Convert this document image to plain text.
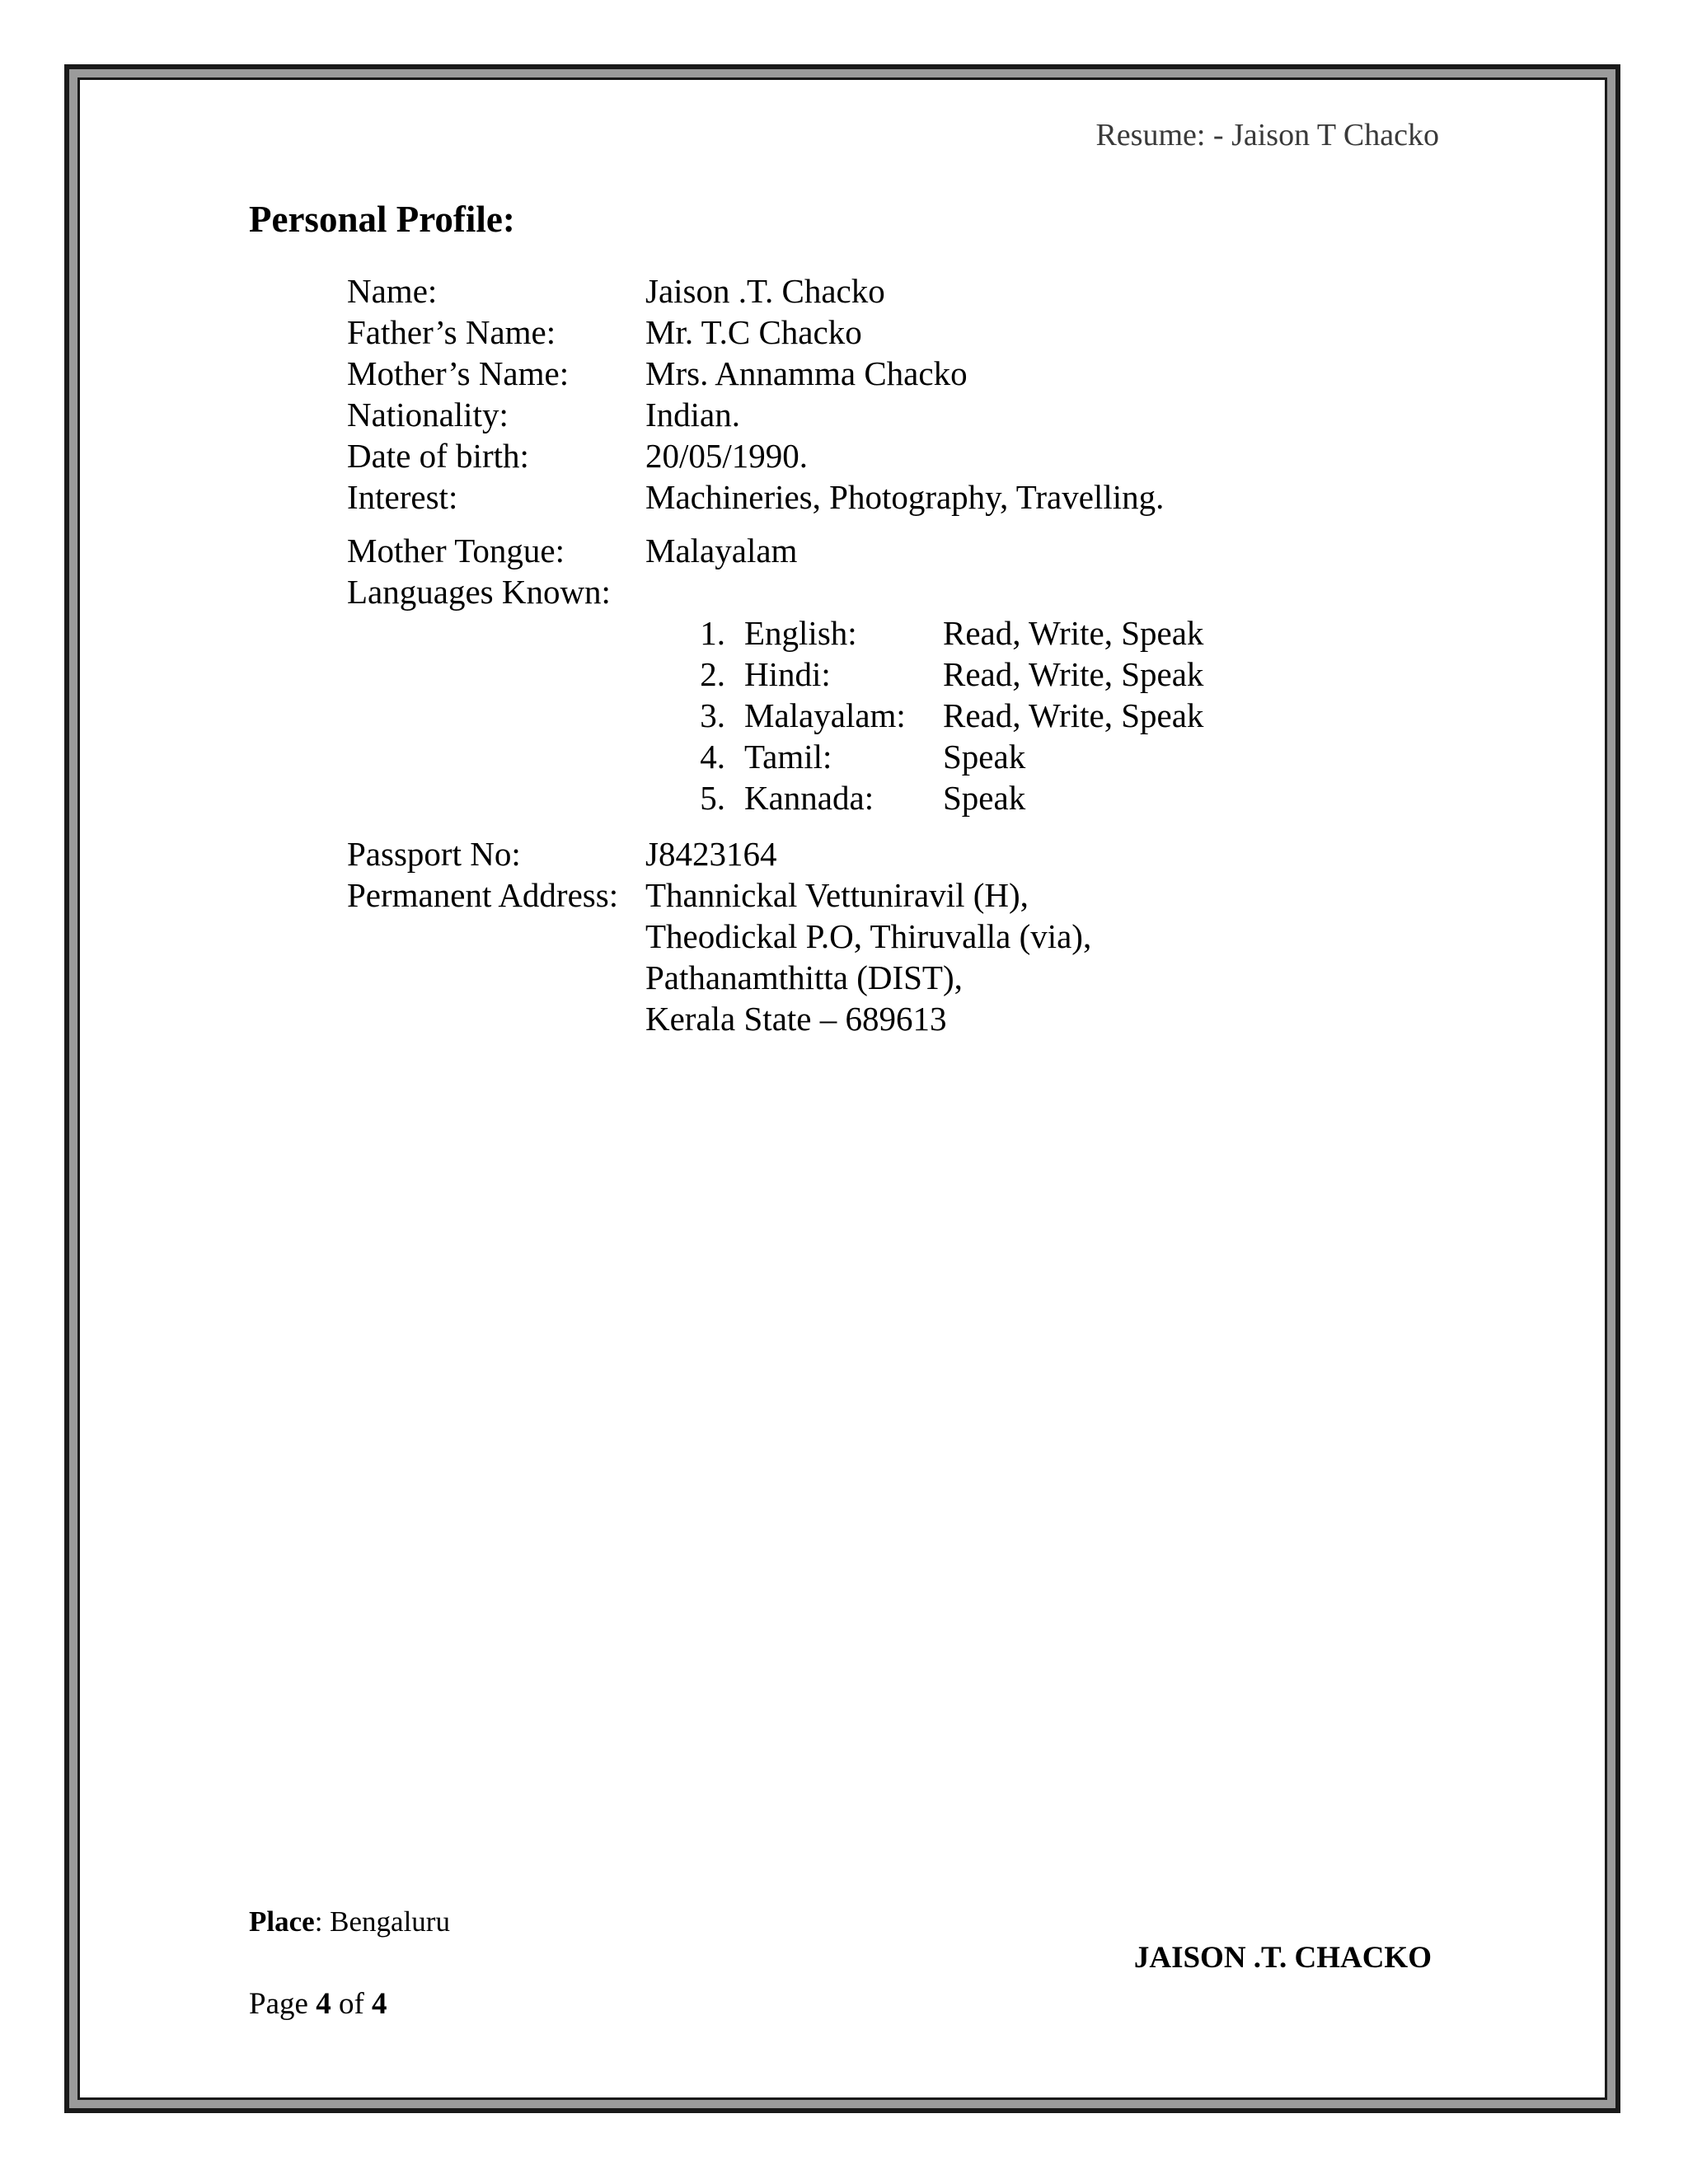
Resume: - Jaison T Chacko
Personal Profile:
Name:	Jaison .T. Chacko
Father’s Name:	Mr. T.C Chacko
Mother’s Name: Mrs. Annamma Chacko
Nationality:	Indian.
Date of birth:	20/05/1990.
Interest:	Machineries, Photography, Travelling.
Mother Tongue: Malayalam
Languages Known:
1. English:	Read, Write, Speak
2. Hindi:	Read, Write, Speak
3. Malayalam: Read, Write, Speak
4. Tamil:	Speak
5. Kannada: Speak
Passport No:	J8423164
Permanent Address: Thannickal Vettuniravil (H),
Theodickal P.O, Thiruvalla (via),
Pathanamthitta (DIST),
Kerala State – 689613
Place: Bengaluru
JAISON .T. CHACKO
Page 4 of 4
